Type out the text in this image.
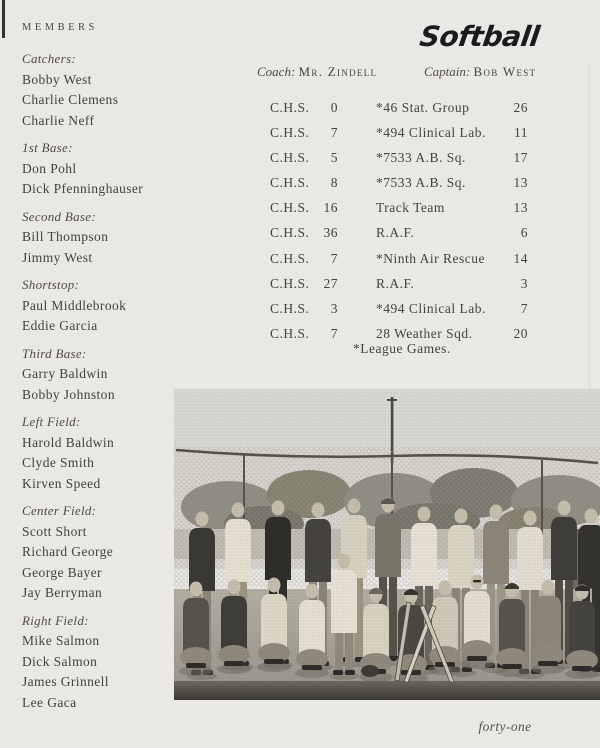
MEMBERS
Catchers:
Bobby West
Charlie Clemens
Charlie Neff
1st Base:
Don Pohl
Dick Pfenninghauser
Second Base:
Bill Thompson
Jimmy West
Shortstop:
Paul Middlebrook
Eddie Garcia
Third Base:
Garry Baldwin
Bobby Johnston
Left Field:
Harold Baldwin
Clyde Smith
Kirven Speed
Center Field:
Scott Short
Richard George
George Bayer
Jay Berryman
Right Field:
Mike Salmon
Dick Salmon
James Grinnell
Lee Gaca
Softball
Coach: Mr. Zindell	Captain: Bob West
C.H.S.	0	*46 Stat. Group	26
C.H.S.	7	*494 Clinical Lab.	11
C.H.S.	5	*7533 A.B. Sq.	17
C.H.S.	8	*7533 A.B. Sq.	13
C.H.S.	16	Track Team	13
C.H.S.	36	R.A.F.	6
C.H.S.	7	*Ninth Air Rescue	14
C.H.S.	27	R.A.F.	3
C.H.S.	3	*494 Clinical Lab.	7
C.H.S.	7	28 Weather Sqd.	20
*League Games.
forty-one
